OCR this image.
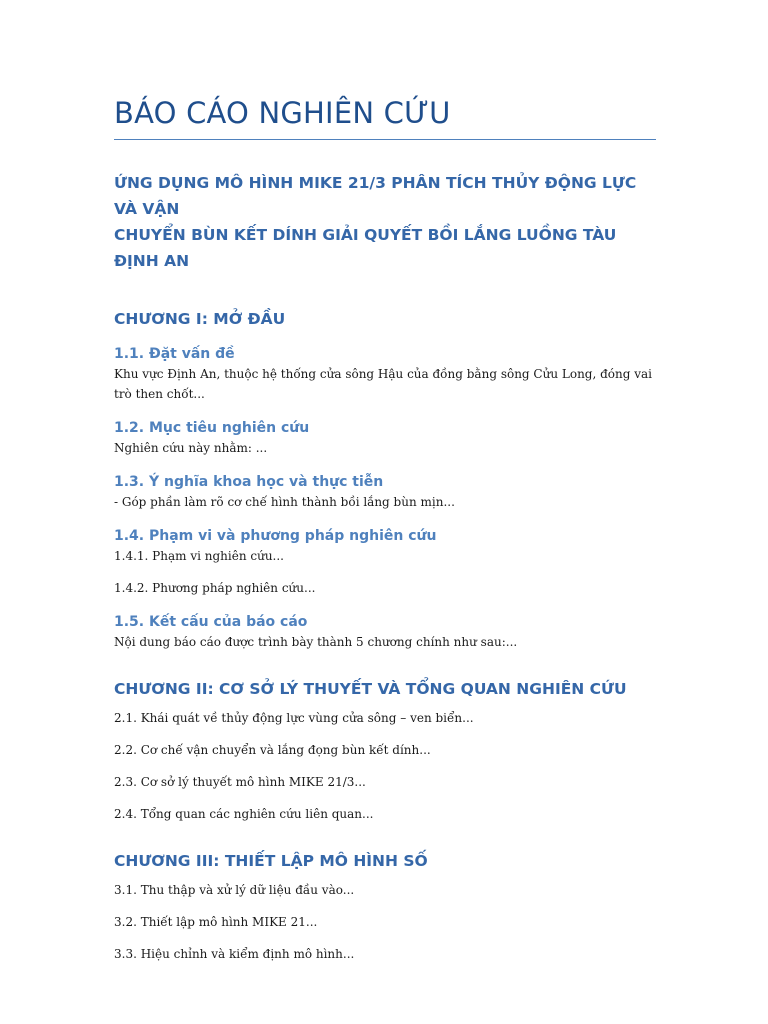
BÁO CÁO NGHIÊN CỨU
ỨNG DỤNG MÔ HÌNH MIKE 21/3 PHÂN TÍCH THỦY ĐỘNG LỰC VÀ VẬN
CHUYỂN BÙN KẾT DÍNH GIẢI QUYẾT BỒI LẮNG LUỒNG TÀU ĐỊNH AN
CHƯƠNG I: MỞ ĐẦU
1.1. Đặt vấn đề

Khu vực Định An, thuộc hệ thống cửa sông Hậu của đồng bằng sông Cửu Long, đóng vai trò then chốt...

1.2. Mục tiêu nghiên cứu

Nghiên cứu này nhằm: ...

1.3. Ý nghĩa khoa học và thực tiễn

- Góp phần làm rõ cơ chế hình thành bồi lắng bùn mịn...

1.4. Phạm vi và phương pháp nghiên cứu

1.4.1. Phạm vi nghiên cứu...

1.4.2. Phương pháp nghiên cứu...

1.5. Kết cấu của báo cáo

Nội dung báo cáo được trình bày thành 5 chương chính như sau:...

CHƯƠNG II: CƠ SỞ LÝ THUYẾT VÀ TỔNG QUAN NGHIÊN CỨU

2.1. Khái quát về thủy động lực vùng cửa sông – ven biển...

2.2. Cơ chế vận chuyển và lắng đọng bùn kết dính...

2.3. Cơ sở lý thuyết mô hình MIKE 21/3...

2.4. Tổng quan các nghiên cứu liên quan...

CHƯƠNG III: THIẾT LẬP MÔ HÌNH SỐ

3.1. Thu thập và xử lý dữ liệu đầu vào...

3.2. Thiết lập mô hình MIKE 21...

3.3. Hiệu chỉnh và kiểm định mô hình...
